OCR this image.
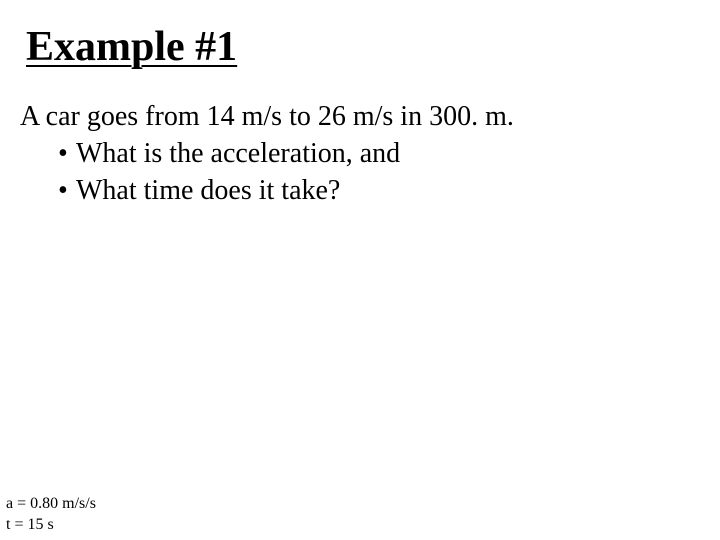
Example #1
A car goes from 14 m/s to 26 m/s in 300. m.
• What is the acceleration, and
• What time does it take?
a = 0.80 m/s/s
t = 15 s
